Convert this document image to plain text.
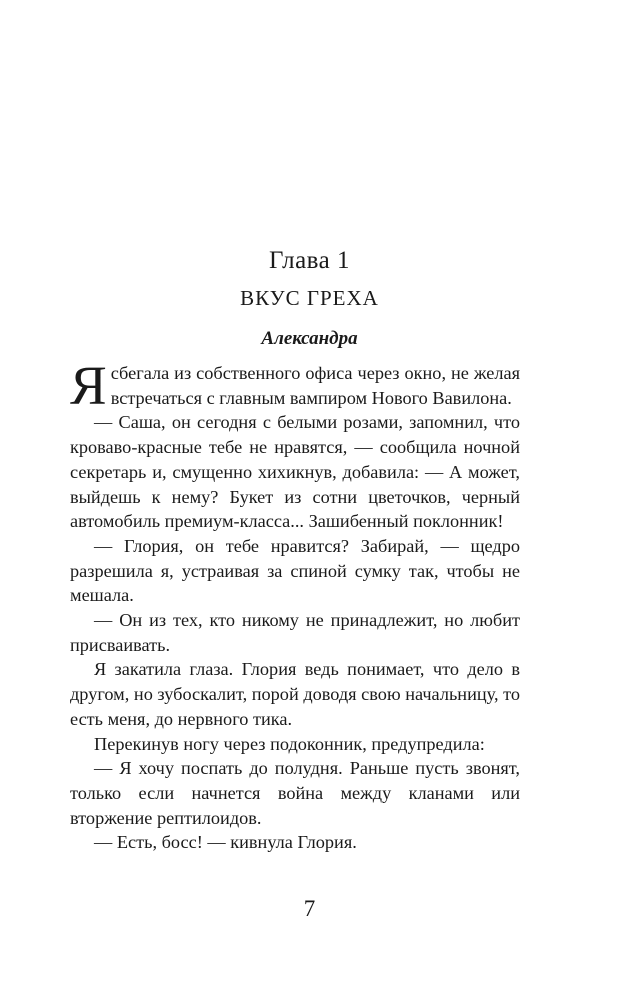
Глава 1
ВКУС ГРЕХА
Александра

Ясбегала из собственного офиса через окно, не желая встречаться с главным вампиром Нового Вавилона.

— Саша, он сегодня с белыми розами, запомнил, что кроваво-красные тебе не нравятся, — сообщила ночной секретарь и, смущенно хихикнув, добавила: — А может, выйдешь к нему? Букет из сотни цветочков, черный автомобиль премиум-класса... Зашибенный поклонник!

— Глория, он тебе нравится? Забирай, — щедро разрешила я, устраивая за спиной сумку так, чтобы не мешала.

— Он из тех, кто никому не принадлежит, но любит присваивать.

Я закатила глаза. Глория ведь понимает, что дело в другом, но зубоскалит, порой доводя свою начальницу, то есть меня, до нервного тика.

Перекинув ногу через подоконник, предупредила:

— Я хочу поспать до полудня. Раньше пусть звонят, только если начнется война между кланами или вторжение рептилоидов.

— Есть, босс! — кивнула Глория.

7
